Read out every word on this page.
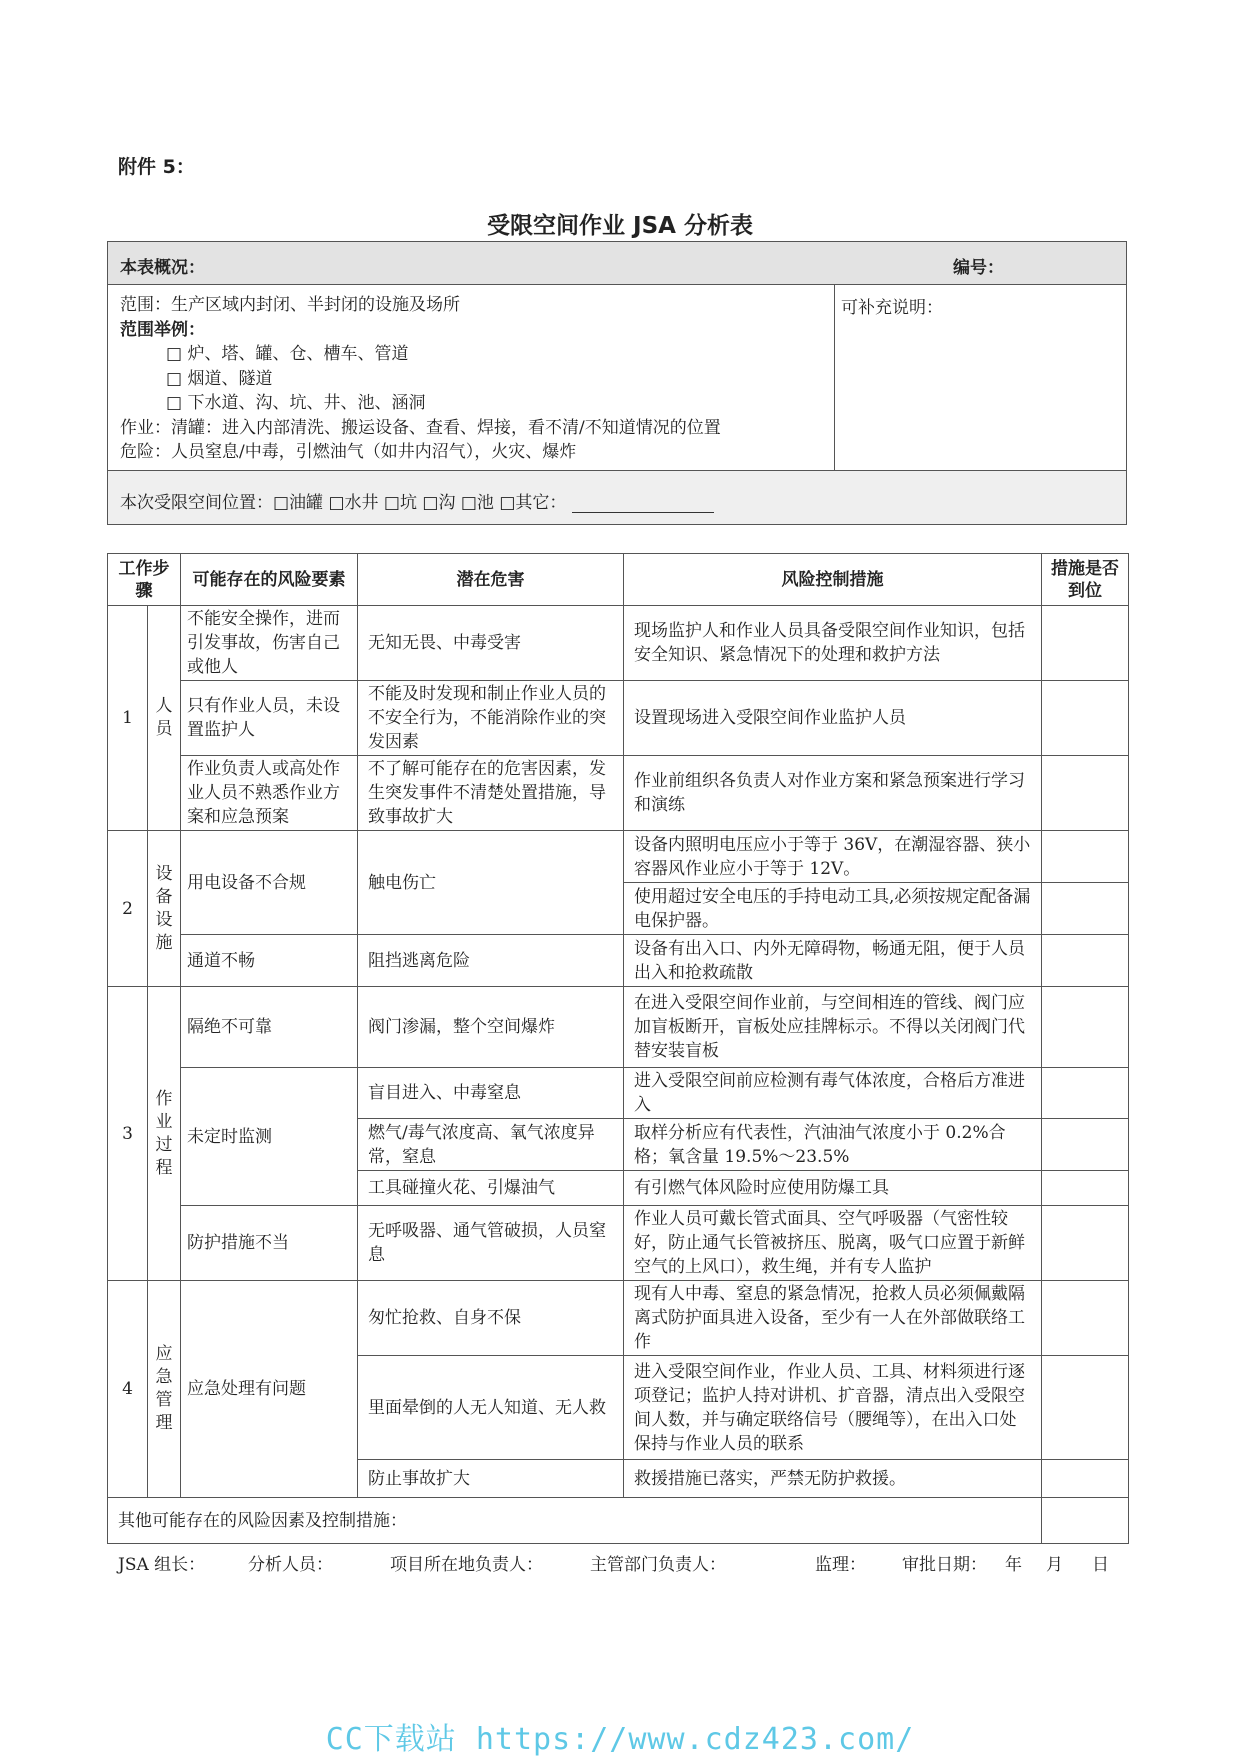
附件 5：
受限空间作业 JSA 分析表
本表概况：	编号：
范围：生产区域内封闭、半封闭的设施及场所
范围举例：
□ 炉、塔、罐、仓、槽车、管道
□ 烟道、隧道
□ 下水道、沟、坑、井、池、涵洞
作业：清罐：进入内部清洗、搬运设备、查看、焊接，看不清/不知道情况的位置
危险：人员窒息/中毒，引燃油气（如井内沼气），火灾、爆炸
可补充说明：
本次受限空间位置：□油罐 □水井 □坑 □沟 □池 □其它：
工作步骤		可能存在的风险要素	潜在危害	风险控制措施	措施是否到位
1	人员	不能安全操作，进而引发事故，伤害自己或他人	无知无畏、中毒受害	现场监护人和作业人员具备受限空间作业知识，包括安全知识、紧急情况下的处理和救护方法	
		只有作业人员，未设置监护人	不能及时发现和制止作业人员的不安全行为，不能消除作业的突发因素	设置现场进入受限空间作业监护人员	
		作业负责人或高处作业人员不熟悉作业方案和应急预案	不了解可能存在的危害因素，发生突发事件不清楚处置措施，导致事故扩大	作业前组织各负责人对作业方案和紧急预案进行学习和演练	
2	设备设施	用电设备不合规	触电伤亡	设备内照明电压应小于等于 36V，在潮湿容器、狭小容器风作业应小于等于 12V。	
				使用超过安全电压的手持电动工具,必须按规定配备漏电保护器。	
		通道不畅	阻挡逃离危险	设备有出入口、内外无障碍物，畅通无阻，便于人员出入和抢救疏散	
3	作业过程	隔绝不可靠	阀门渗漏，整个空间爆炸	在进入受限空间作业前，与空间相连的管线、阀门应加盲板断开，盲板处应挂牌标示。不得以关闭阀门代替安装盲板	
		未定时监测	盲目进入、中毒窒息	进入受限空间前应检测有毒气体浓度，合格后方准进入	
			燃气/毒气浓度高、氧气浓度异常，窒息	取样分析应有代表性，汽油油气浓度小于 0.2%合格；氧含量 19.5%～23.5%	
			工具碰撞火花、引爆油气	有引燃气体风险时应使用防爆工具	
		防护措施不当	无呼吸器、通气管破损，人员窒息	作业人员可戴长管式面具、空气呼吸器（气密性较好，防止通气长管被挤压、脱离，吸气口应置于新鲜空气的上风口），救生绳，并有专人监护	
4	应急管理	应急处理有问题	匆忙抢救、自身不保	现有人中毒、窒息的紧急情况，抢救人员必须佩戴隔离式防护面具进入设备，至少有一人在外部做联络工作	
			里面晕倒的人无人知道、无人救	进入受限空间作业，作业人员、工具、材料须进行逐项登记；监护人持对讲机、扩音器，清点出入受限空间人数，并与确定联络信号（腰绳等），在出入口处保持与作业人员的联系	
			防止事故扩大	救援措施已落实，严禁无防护救援。	
其他可能存在的风险因素及控制措施：					
JSA 组长：	分析人员：	项目所在地负责人：	主管部门负责人：	监理： 审批日期： 年 月 日
CC下载站 https://www.cdz423.com/
